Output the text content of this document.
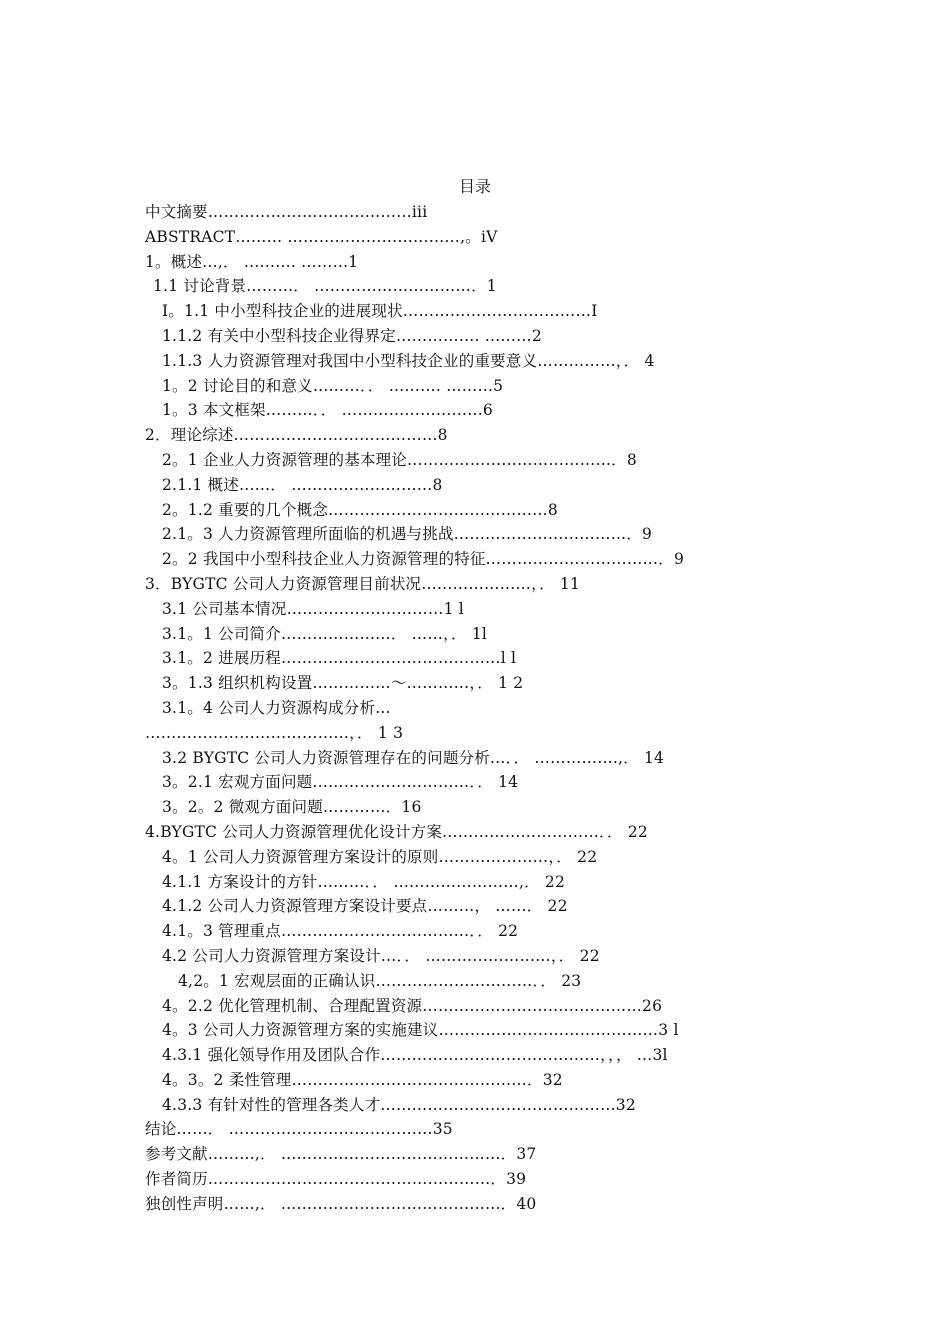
目录
中文摘要…………………………………iii
ABSTRACT……… ……………………………,。iV
1。概述…,． ………. ………1
1.1 讨论背景………． …………………………．1
I。1.1 中小型科技企业的进展现状………………………………I
1.1.2 有关中小型科技企业得界定……………. ………2
1.1.3 人力资源管理对我国中小型科技企业的重要意义……………，． 4
1。2 讨论目的和意义………．． ………. ………5
1。3 本文框架………．． ………………………6
2．理论综述…………………………………8
2。1 企业人力资源管理的基本理论…………………………………．8
2.1.1 概述……． ………………………8
2。1.2 重要的几个概念……………………………………8
2.1。3 人力资源管理所面临的机遇与挑战……………………………．9
2。2 我国中小型科技企业人力资源管理的特征……………………………．9
3．BYGTC 公司人力资源管理目前状况…………………，． 11
3.1 公司基本情况…………………………1 l
3.1。1 公司简介…………………． ……，． 1l
3.1。2 进展历程……………………………………l l
3。1.3 组织机构设置……………～…………，． 1 2
3.1。4 公司人力资源构成分析…
…………………………………，． 1 3
3.2 BYGTC 公司人力资源管理存在的问题分析…．． …………….,． 14
3。2.1 宏观方面问题…………………………．． 14
3。2。2 微观方面问题…………．16
4.BYGTC 公司人力资源管理优化设计方案…………………………．． 22
4。1 公司人力资源管理方案设计的原则…………………，． 22
4.1.1 方案设计的方针………．． ……………………,． 22
4.1.2 公司人力资源管理方案设计要点………， ……． 22
4.1。3 管理重点………………………………．． 22
4.2 公司人力资源管理方案设计…．． ……………………，． 22
4,2。1 宏观层面的正确认识…………………………．． 23
4。2.2 优化管理机制、合理配置资源……………………………………26
4。3 公司人力资源管理方案的实施建议……………………………………3 l
4.3.1 强化领导作用及团队合作……………………………………，，， …3l
4。3。2 柔性管理………………………………………．32
4.3.3 有针对性的管理各类人才………………………………………32
结论……． …………………………………35
参考文献………,． ……………………………………．37
作者简历………………………………………………．39
独创性声明……,． ……………………………………．40
